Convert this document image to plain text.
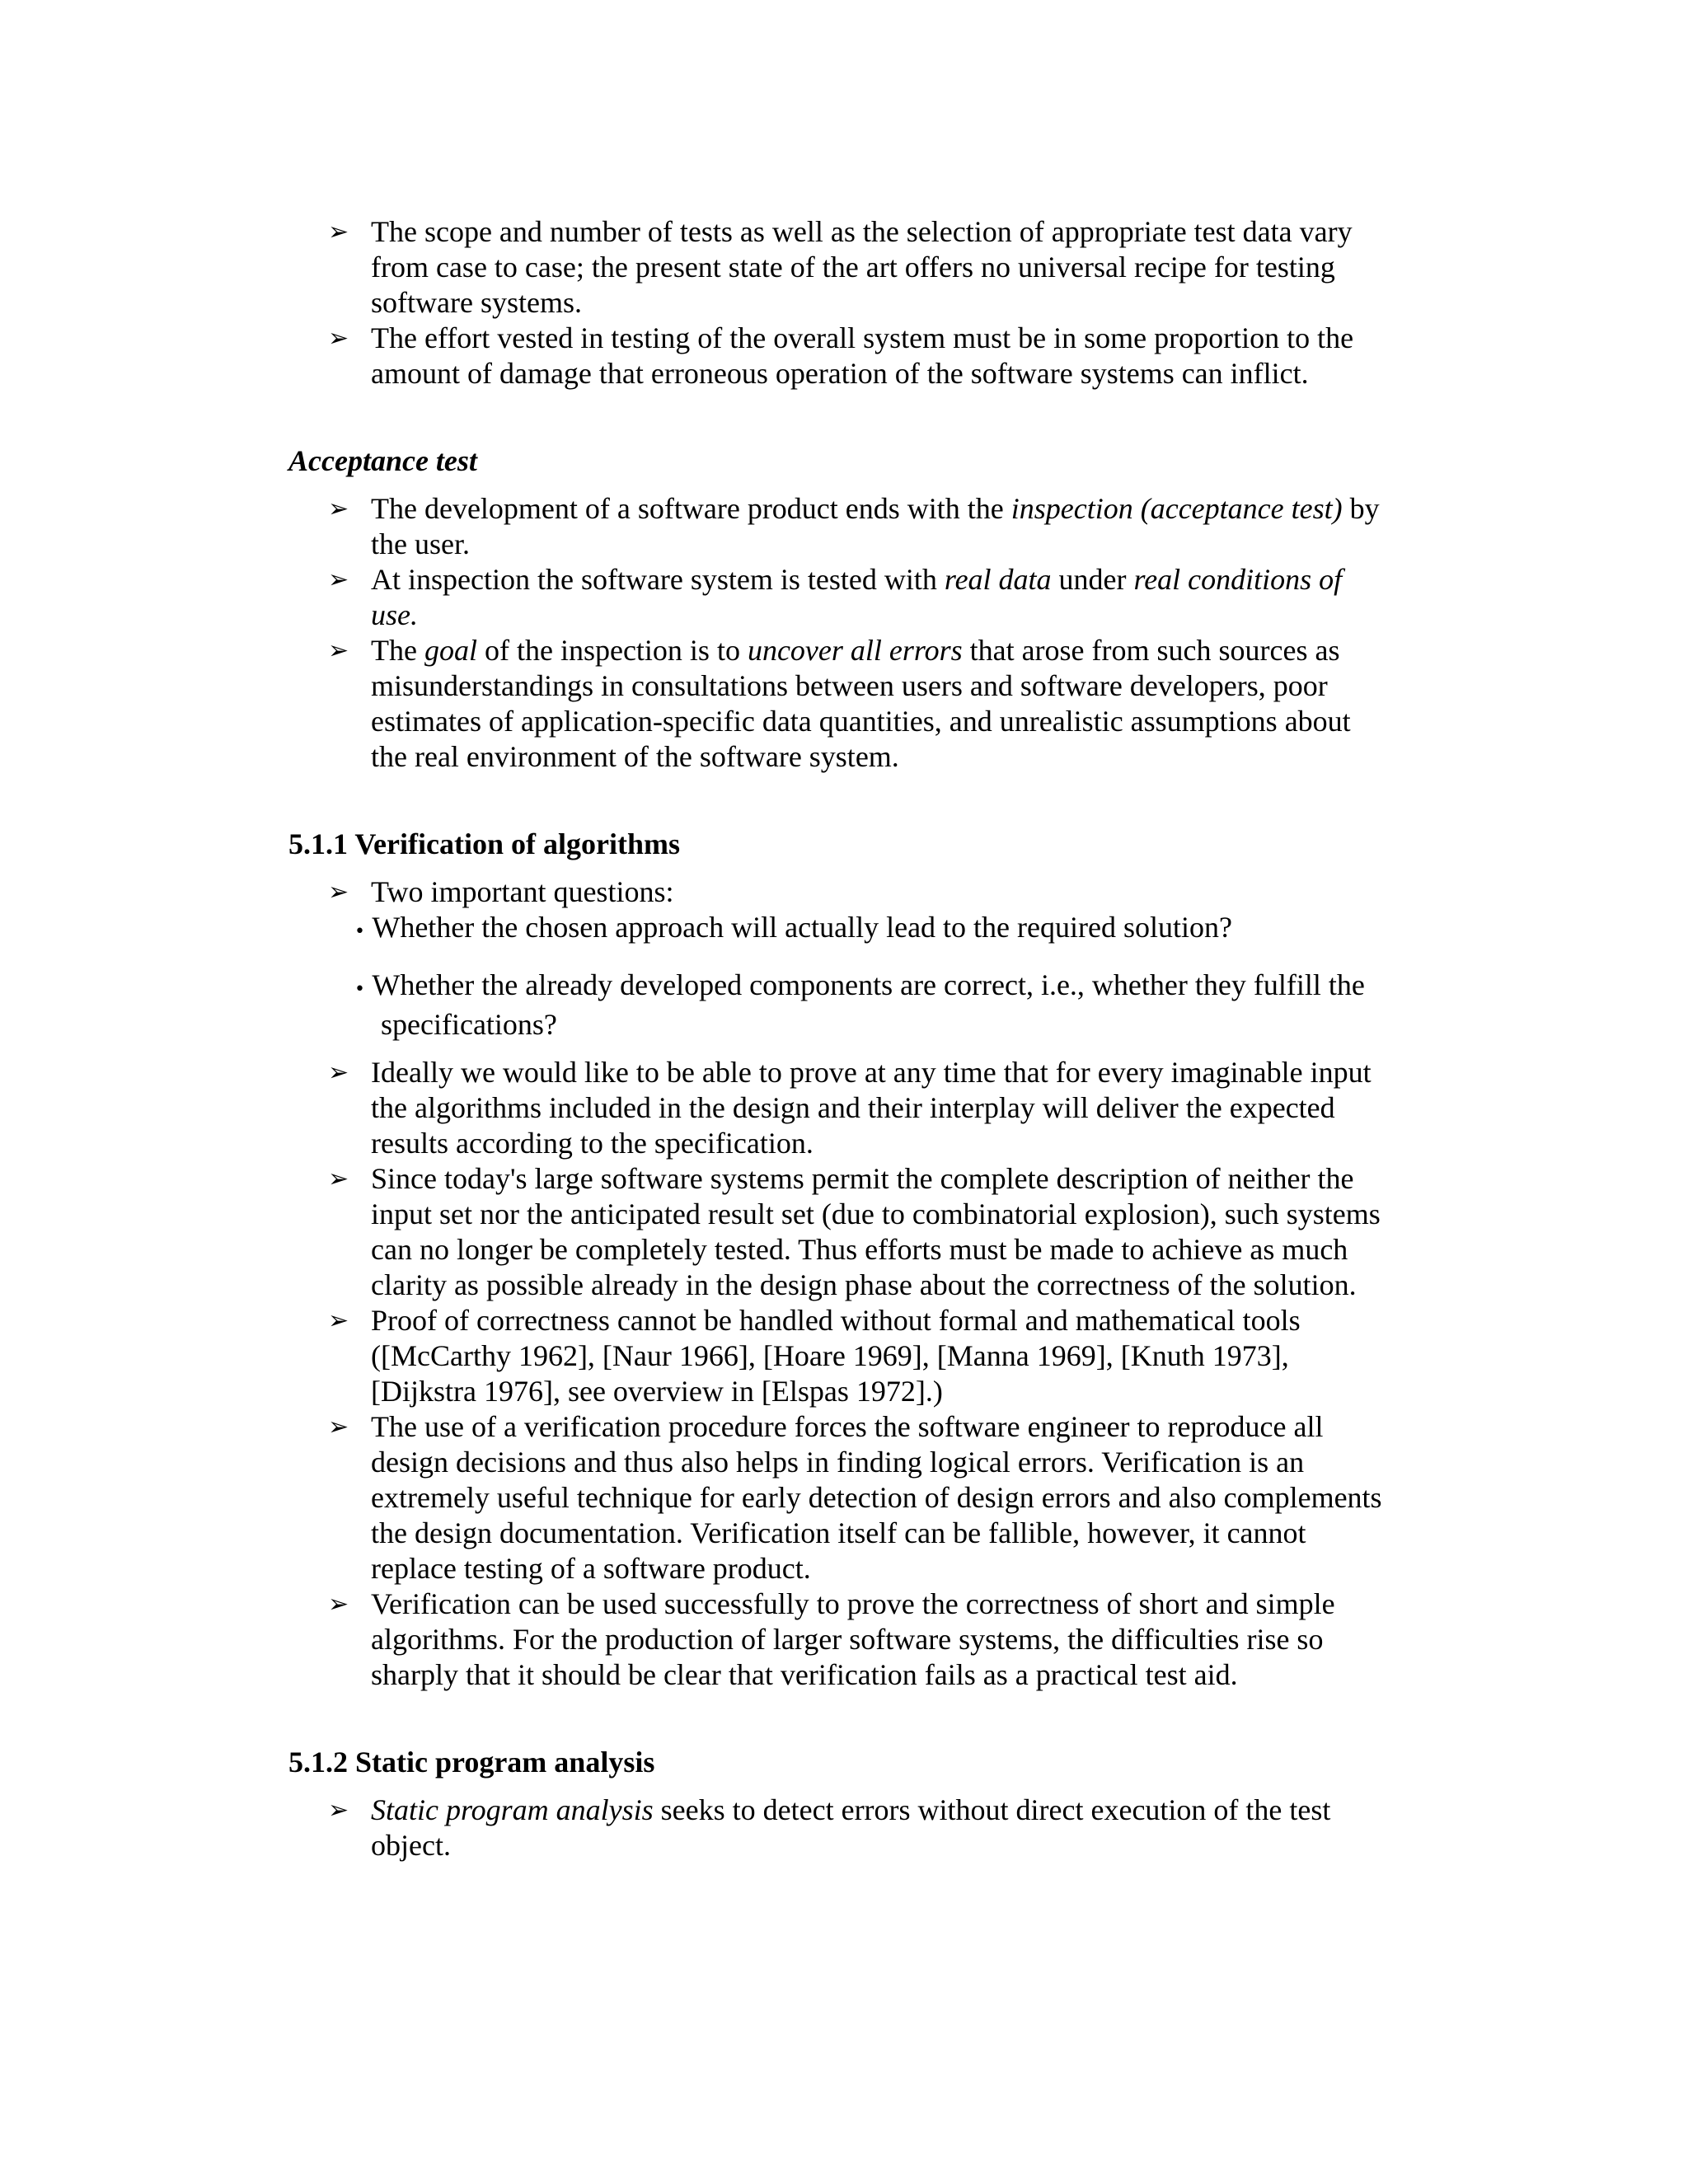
➢ The scope and number of tests as well as the selection of appropriate test data vary from case to case; the present state of the art offers no universal recipe for testing software systems.
➢ The effort vested in testing of the overall system must be in some proportion to the amount of damage that erroneous operation of the software systems can inflict.
Acceptance test
➢ The development of a software product ends with the inspection (acceptance test) by the user.
➢ At inspection the software system is tested with real data under real conditions of use.
➢ The goal of the inspection is to uncover all errors that arose from such sources as misunderstandings in consultations between users and software developers, poor estimates of application-specific data quantities, and unrealistic assumptions about the real environment of the software system.
5.1.1 Verification of algorithms
➢ Two important questions:
• Whether the chosen approach will actually lead to the required solution?
• Whether the already developed components are correct, i.e., whether they fulfill the specifications?
➢ Ideally we would like to be able to prove at any time that for every imaginable input the algorithms included in the design and their interplay will deliver the expected results according to the specification.
➢ Since today's large software systems permit the complete description of neither the input set nor the anticipated result set (due to combinatorial explosion), such systems can no longer be completely tested. Thus efforts must be made to achieve as much clarity as possible already in the design phase about the correctness of the solution.
➢ Proof of correctness cannot be handled without formal and mathematical tools ([McCarthy 1962], [Naur 1966], [Hoare 1969], [Manna 1969], [Knuth 1973], [Dijkstra 1976], see overview in [Elspas 1972].)
➢ The use of a verification procedure forces the software engineer to reproduce all design decisions and thus also helps in finding logical errors. Verification is an extremely useful technique for early detection of design errors and also complements the design documentation. Verification itself can be fallible, however, it cannot replace testing of a software product.
➢ Verification can be used successfully to prove the correctness of short and simple algorithms. For the production of larger software systems, the difficulties rise so sharply that it should be clear that verification fails as a practical test aid.
5.1.2 Static program analysis
➢ Static program analysis seeks to detect errors without direct execution of the test object.
